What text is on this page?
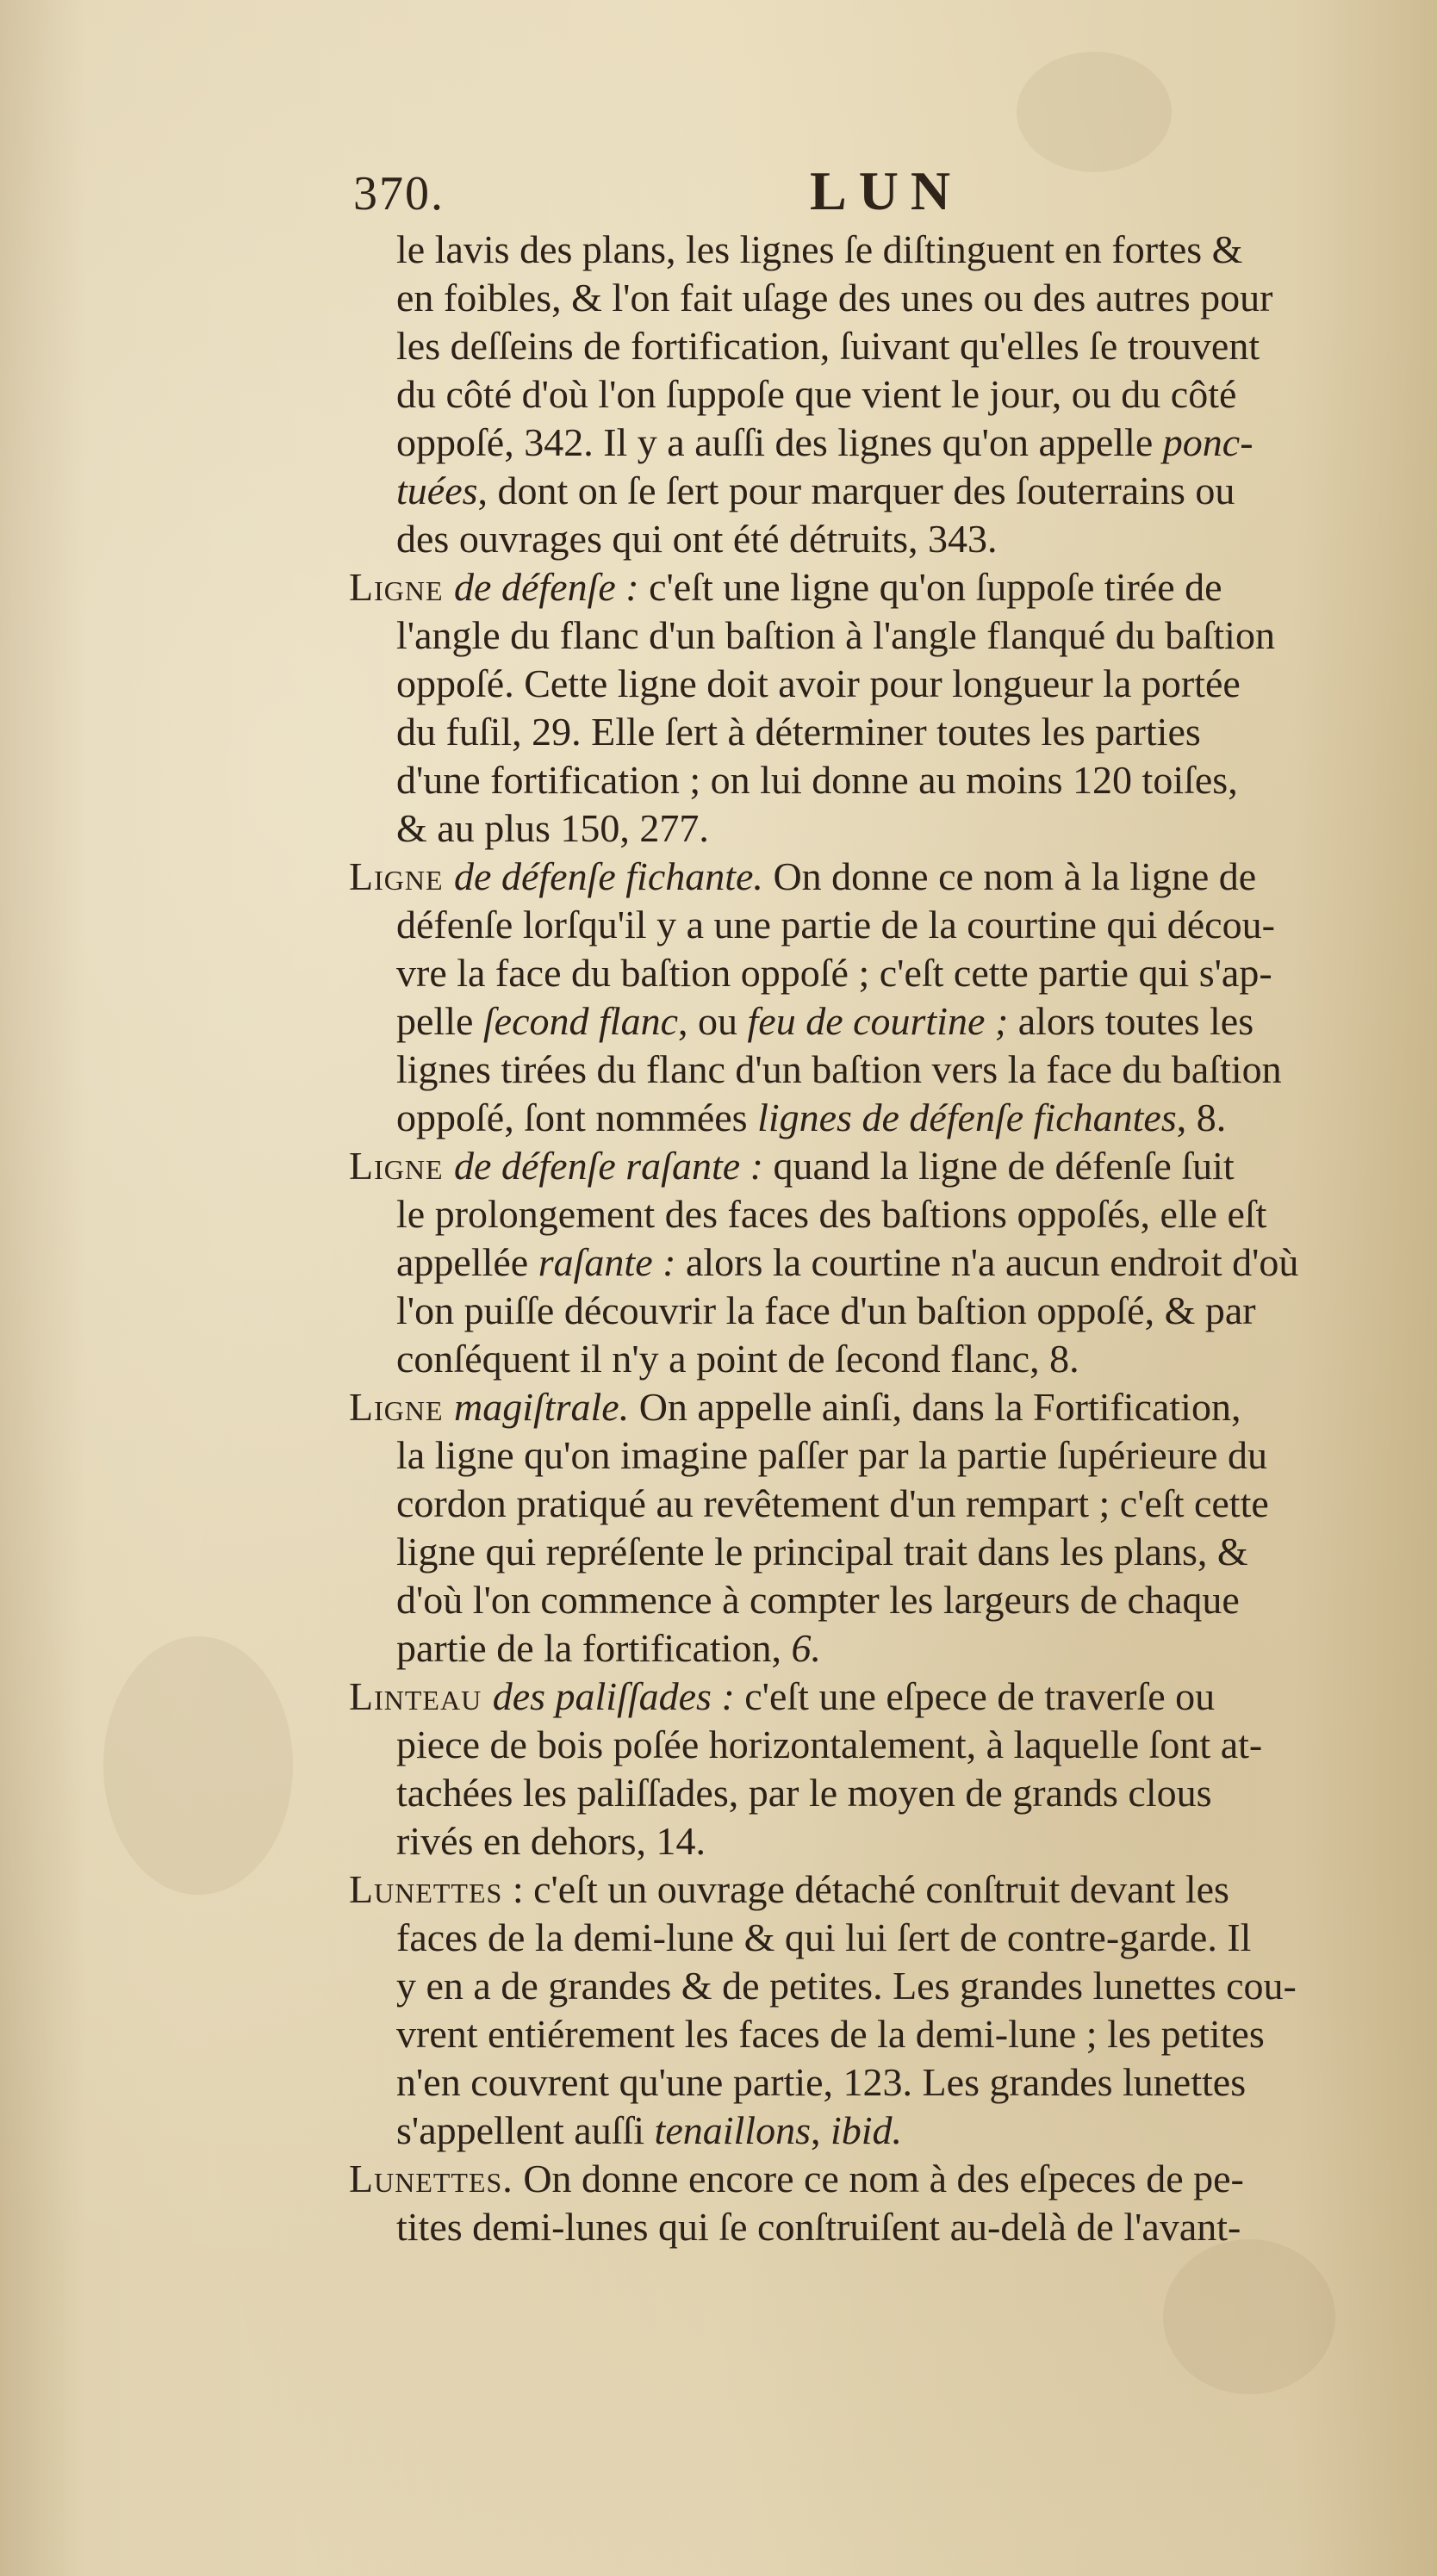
370.	LUN
le lavis des plans, les lignes ſe diſtinguent en fortes &
en foibles, & l'on fait uſage des unes ou des autres pour
les deſſeins de fortification, ſuivant qu'elles ſe trouvent
du côté d'où l'on ſuppoſe que vient le jour, ou du côté
oppoſé, 342. Il y a auſſi des lignes qu'on appelle ponc-
tuées, dont on ſe ſert pour marquer des ſouterrains ou
des ouvrages qui ont été détruits, 343.
Ligne de défenſe : c'eſt une ligne qu'on ſuppoſe tirée de
l'angle du flanc d'un baſtion à l'angle flanqué du baſtion
oppoſé. Cette ligne doit avoir pour longueur la portée
du fuſil, 29. Elle ſert à déterminer toutes les parties
d'une fortification ; on lui donne au moins 120 toiſes,
& au plus 150, 277.
Ligne de défenſe fichante. On donne ce nom à la ligne de
défenſe lorſqu'il y a une partie de la courtine qui décou-
vre la face du baſtion oppoſé ; c'eſt cette partie qui s'ap-
pelle ſecond flanc, ou feu de courtine ; alors toutes les
lignes tirées du flanc d'un baſtion vers la face du baſtion
oppoſé, ſont nommées lignes de défenſe fichantes, 8.
Ligne de défenſe raſante : quand la ligne de défenſe ſuit
le prolongement des faces des baſtions oppoſés, elle eſt
appellée raſante : alors la courtine n'a aucun endroit d'où
l'on puiſſe découvrir la face d'un baſtion oppoſé, & par
conſéquent il n'y a point de ſecond flanc, 8.
Ligne magiſtrale. On appelle ainſi, dans la Fortification,
la ligne qu'on imagine paſſer par la partie ſupérieure du
cordon pratiqué au revêtement d'un rempart ; c'eſt cette
ligne qui repréſente le principal trait dans les plans, &
d'où l'on commence à compter les largeurs de chaque
partie de la fortification, 6.
Linteau des paliſſades : c'eſt une eſpece de traverſe ou
piece de bois poſée horizontalement, à laquelle ſont at-
tachées les paliſſades, par le moyen de grands clous
rivés en dehors, 14.
Lunettes : c'eſt un ouvrage détaché conſtruit devant les
faces de la demi-lune & qui lui ſert de contre-garde. Il
y en a de grandes & de petites. Les grandes lunettes cou-
vrent entiérement les faces de la demi-lune ; les petites
n'en couvrent qu'une partie, 123. Les grandes lunettes
s'appellent auſſi tenaillons, ibid.
Lunettes. On donne encore ce nom à des eſpeces de pe-
tites demi-lunes qui ſe conſtruiſent au-delà de l'avant-
